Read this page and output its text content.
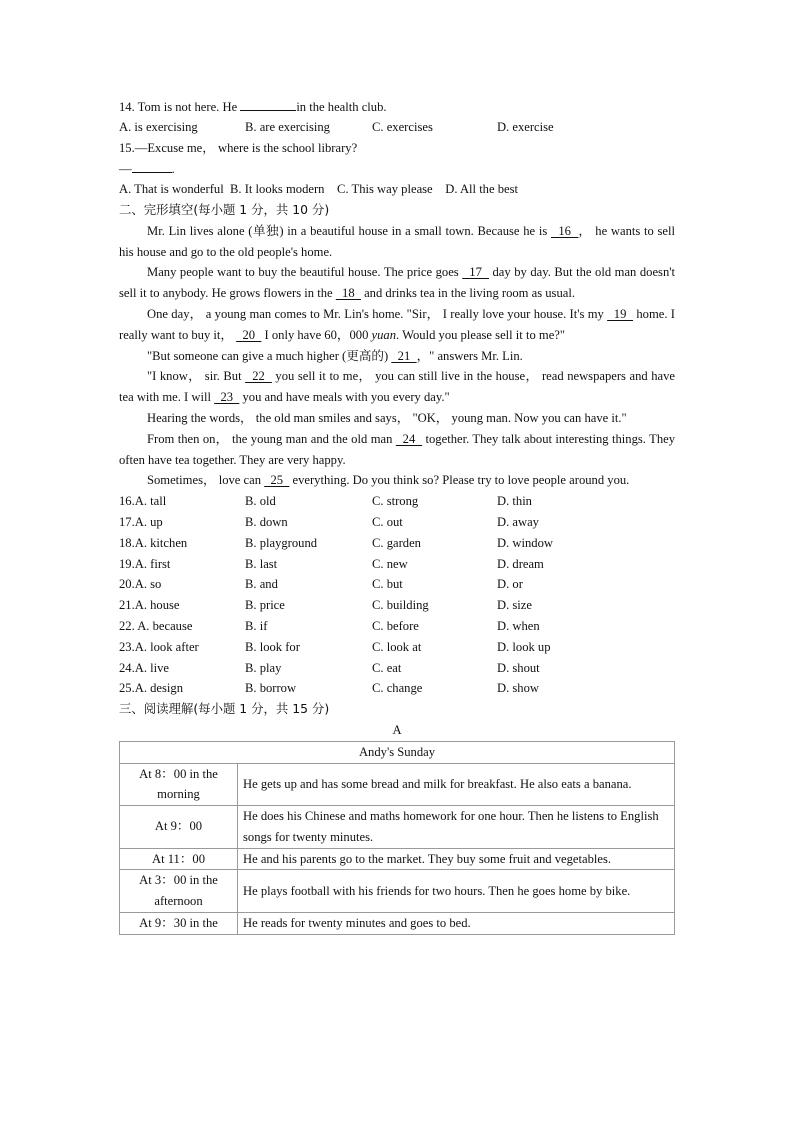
14. Tom is not here. He	in the health club.
A. is exercising	B. are exercising	C. exercises	D. exercise
15.—Excuse me， where is the school library?
—	.
A. That is wonderful B. It looks modern C. This way please D. All the best
二、完形填空(每小题 1 分，共 10 分)
Mr. Lin lives alone (单独) in a beautiful house in a small town. Because he is   16  ， he wants to sell his house and go to the old people's home.
Many people want to buy the beautiful house. The price goes   17   day by day. But the old man doesn't sell it to anybody. He grows flowers in the   18   and drinks tea in the living room as usual.
One day， a young man comes to Mr. Lin's home. "Sir， I really love your house. It's my   19   home. I really want to buy it，   20   I only have 60，000 yuan. Would you please sell it to me?"
"But someone can give a much higher (更高的)   21  ，" answers Mr. Lin.
"I know， sir. But   22   you sell it to me， you can still live in the house， read newspapers and have tea with me. I will   23   you and have meals with you every day."
Hearing the words， the old man smiles and says， "OK， young man. Now you can have it."
From then on， the young man and the old man   24   together. They talk about interesting things. They often have tea together. They are very happy.
Sometimes， love can   25   everything. Do you think so? Please try to love people around you.
16.A. tall	B. old	C. strong	D. thin
17.A. up	B. down	C. out	D. away
18.A. kitchen	B. playground	C. garden	D. window
19.A. first	B. last	C. new	D. dream
20.A. so	B. and	C. but	D. or
21.A. house	B. price	C. building	D. size
22. A. because	B. if	C. before	D. when
23.A. look after	B. look for	C. look at	D. look up
24.A. live	B. play	C. eat	D. shout
25.A. design	B. borrow	C. change	D. show
三、阅读理解(每小题 1 分，共 15 分)
A
Andy's Sunday	
At 8：00 in the morning	He gets up and has some bread and milk for breakfast. He also eats a banana.
At 9：00	He does his Chinese and maths homework for one hour. Then he listens to English songs for twenty minutes.
At 11：00	He and his parents go to the market. They buy some fruit and vegetables.
At 3：00 in the afternoon	He plays football with his friends for two hours. Then he goes home by bike.
At 9：30 in the	He reads for twenty minutes and goes to bed.
